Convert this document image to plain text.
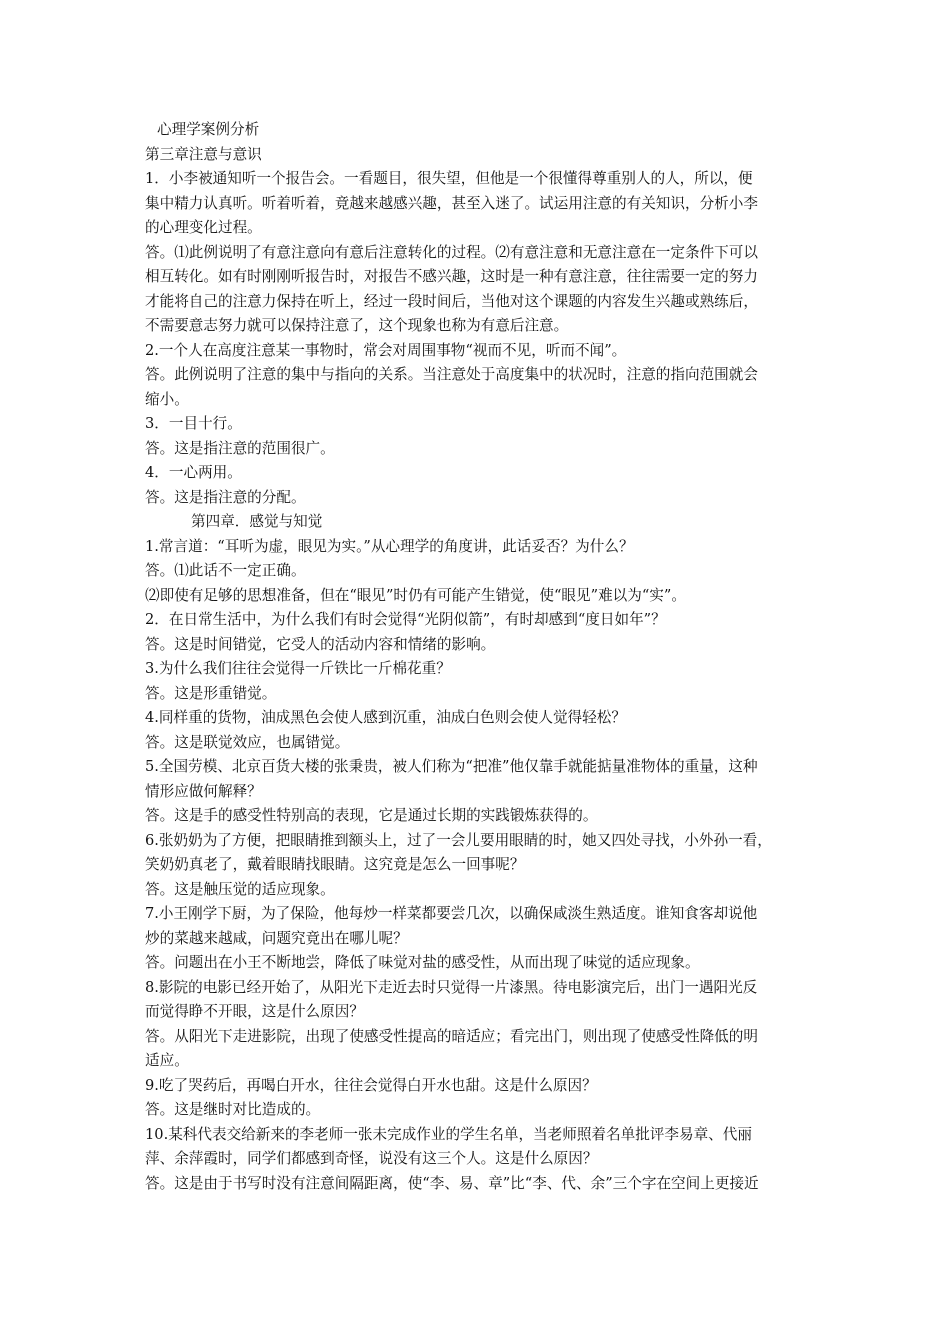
心理学案例分析
第三章注意与意识
1．小李被通知听一个报告会。一看题目，很失望，但他是一个很懂得尊重别人的人，所以，便
集中精力认真听。听着听着，竟越来越感兴趣，甚至入迷了。试运用注意的有关知识，分析小李
的心理变化过程。
答。⑴此例说明了有意注意向有意后注意转化的过程。⑵有意注意和无意注意在一定条件下可以
相互转化。如有时刚刚听报告时，对报告不感兴趣，这时是一种有意注意，往往需要一定的努力
才能将自己的注意力保持在听上，经过一段时间后，当他对这个课题的内容发生兴趣或熟练后，
不需要意志努力就可以保持注意了，这个现象也称为有意后注意。
2.一个人在高度注意某一事物时，常会对周围事物“视而不见，听而不闻”。
答。此例说明了注意的集中与指向的关系。当注意处于高度集中的状况时，注意的指向范围就会
缩小。
3．一目十行。
答。这是指注意的范围很广。
4．一心两用。
答。这是指注意的分配。
第四章．感觉与知觉
1.常言道：“耳听为虚，眼见为实。”从心理学的角度讲，此话妥否？为什么？
答。⑴此话不一定正确。
⑵即使有足够的思想准备，但在“眼见”时仍有可能产生错觉，使“眼见”难以为“实”。
2．在日常生活中，为什么我们有时会觉得“光阴似箭”，有时却感到“度日如年”？
答。这是时间错觉，它受人的活动内容和情绪的影响。
3.为什么我们往往会觉得一斤铁比一斤棉花重？
答。这是形重错觉。
4.同样重的货物，油成黑色会使人感到沉重，油成白色则会使人觉得轻松？
答。这是联觉效应，也属错觉。
5.全国劳模、北京百货大楼的张秉贵，被人们称为“把准”他仅靠手就能掂量准物体的重量，这种
情形应做何解释？
答。这是手的感受性特别高的表现，它是通过长期的实践锻炼获得的。
6.张奶奶为了方便，把眼睛推到额头上，过了一会儿要用眼睛的时，她又四处寻找，小外孙一看，
笑奶奶真老了，戴着眼睛找眼睛。这究竟是怎么一回事呢？
答。这是触压觉的适应现象。
7.小王刚学下厨，为了保险，他每炒一样菜都要尝几次，以确保咸淡生熟适度。谁知食客却说他
炒的菜越来越咸，问题究竟出在哪儿呢？
答。问题出在小王不断地尝，降低了味觉对盐的感受性，从而出现了味觉的适应现象。
8.影院的电影已经开始了，从阳光下走近去时只觉得一片漆黑。待电影演完后，出门一遇阳光反
而觉得睁不开眼，这是什么原因？
答。从阳光下走进影院，出现了使感受性提高的暗适应；看完出门，则出现了使感受性降低的明
适应。
9.吃了哭药后，再喝白开水，往往会觉得白开水也甜。这是什么原因？
答。这是继时对比造成的。
10.某科代表交给新来的李老师一张未完成作业的学生名单，当老师照着名单批评李易章、代丽
萍、余萍霞时，同学们都感到奇怪，说没有这三个人。这是什么原因？
答。这是由于书写时没有注意间隔距离，使“李、易、章”比“李、代、余”三个字在空间上更接近
